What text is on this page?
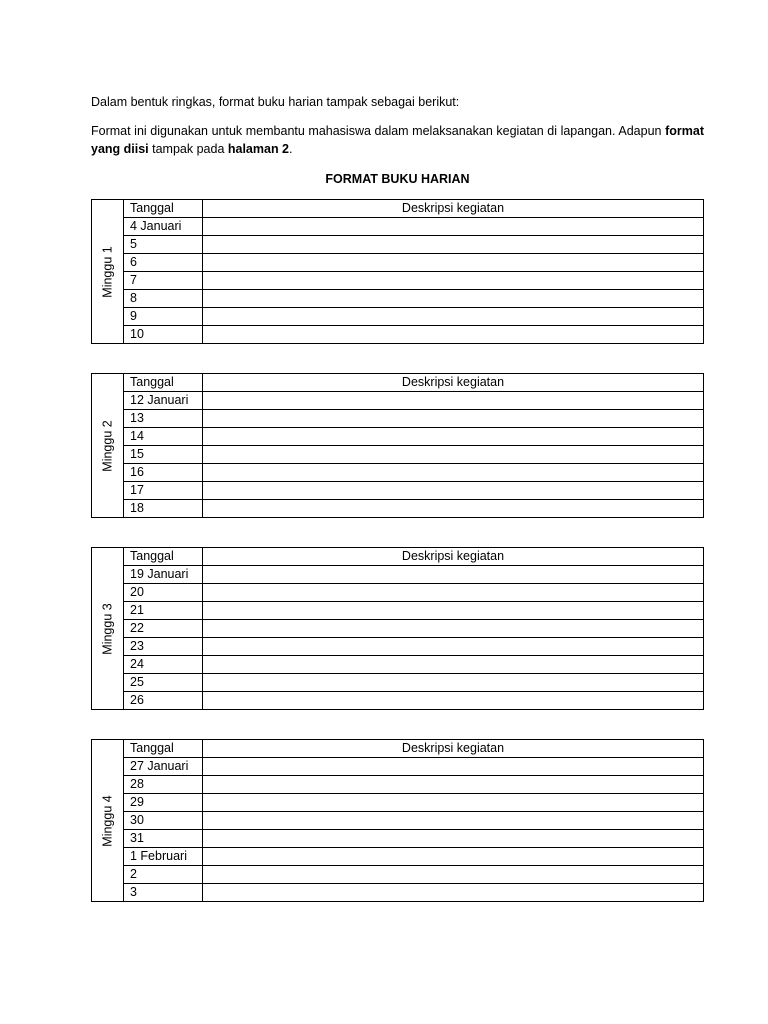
Dalam bentuk ringkas, format buku harian tampak sebagai berikut:

Format ini digunakan untuk membantu mahasiswa dalam melaksanakan kegiatan di lapangan. Adapun format yang diisi tampak pada halaman 2.

FORMAT BUKU HARIAN
Minggu 1	Tanggal	Deskripsi kegiatan
	4 Januari	
	5	
	6	
	7	
	8	
	9	
	10	
Minggu 2	Tanggal	Deskripsi kegiatan
	12 Januari	
	13	
	14	
	15	
	16	
	17	
	18	
Minggu 3	Tanggal	Deskripsi kegiatan
	19 Januari	
	20	
	21	
	22	
	23	
	24	
	25	
	26	
Minggu 4	Tanggal	Deskripsi kegiatan
	27 Januari	
	28	
	29	
	30	
	31	
	1 Februari	
	2	
	3	
